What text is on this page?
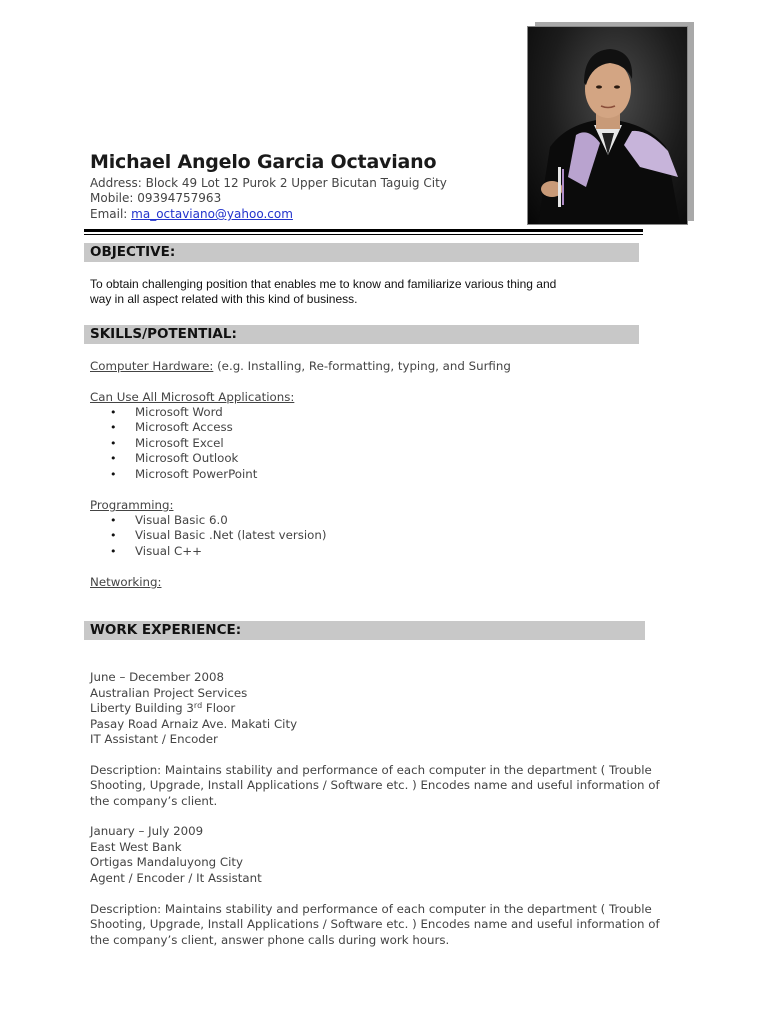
Michael Angelo Garcia Octaviano
Address: Block 49 Lot 12 Purok 2 Upper Bicutan Taguig City
Mobile: 09394757963
Email: ma_octaviano@yahoo.com
OBJECTIVE:
To obtain challenging position that enables me to know and familiarize various thing and
way in all aspect related with this kind of business.
SKILLS/POTENTIAL:
Computer Hardware: (e.g. Installing, Re-formatting, typing, and Surfing
Can Use All Microsoft Applications:
• Microsoft Word
• Microsoft Access
• Microsoft Excel
• Microsoft Outlook
• Microsoft PowerPoint
Programming:
• Visual Basic 6.0
• Visual Basic .Net (latest version)
• Visual C++
Networking:
WORK EXPERIENCE:
June – December 2008
Australian Project Services
Liberty Building 3rd Floor
Pasay Road Arnaiz Ave. Makati City
IT Assistant / Encoder
Description: Maintains stability and performance of each computer in the department ( Trouble
Shooting, Upgrade, Install Applications / Software etc. ) Encodes name and useful information of
the company’s client.
January – July 2009
East West Bank
Ortigas Mandaluyong City
Agent / Encoder / It Assistant
Description: Maintains stability and performance of each computer in the department ( Trouble
Shooting, Upgrade, Install Applications / Software etc. ) Encodes name and useful information of
the company’s client, answer phone calls during work hours.
